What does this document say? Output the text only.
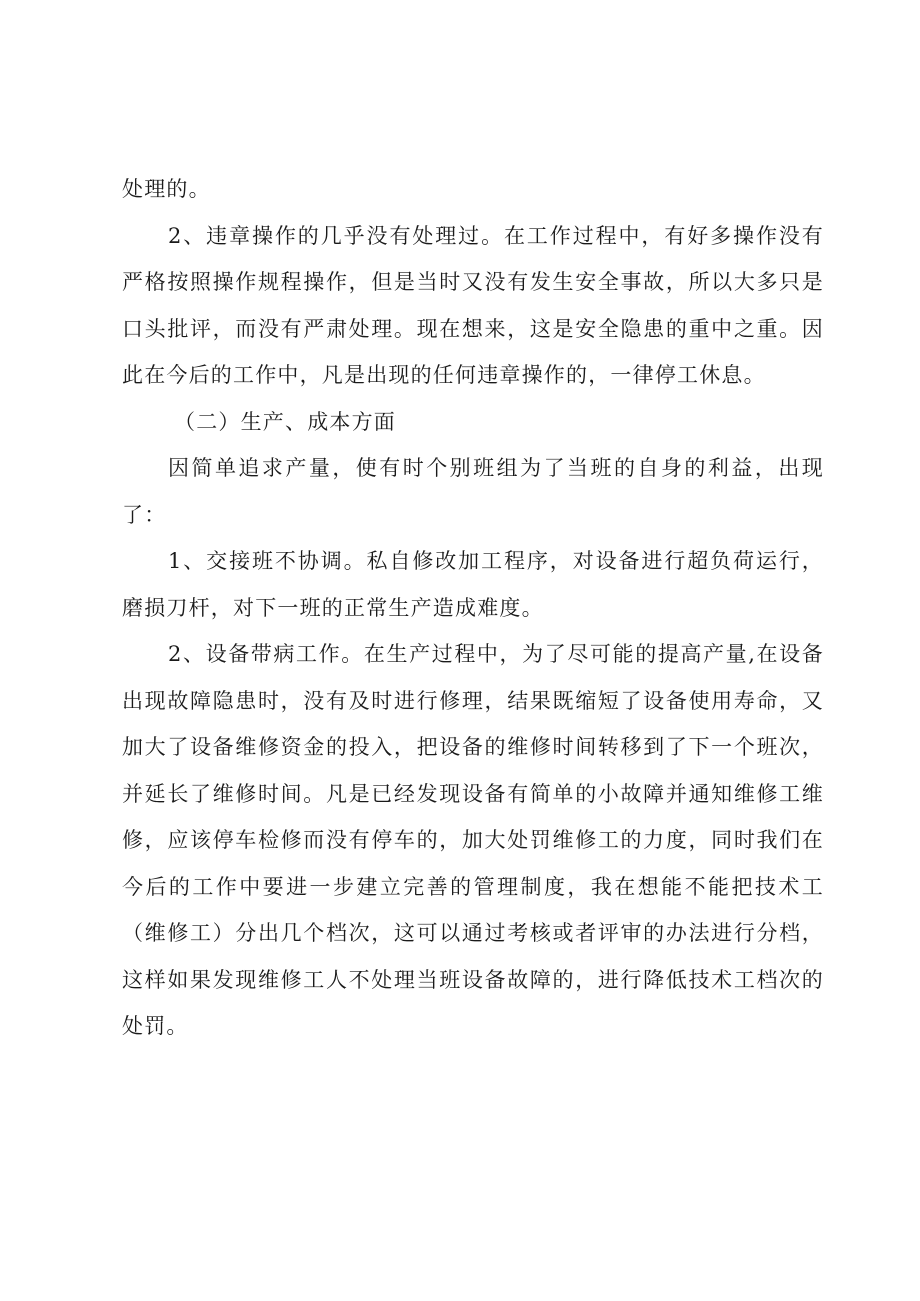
处理的。

2、违章操作的几乎没有处理过。在工作过程中，有好多操作没有严格按照操作规程操作，但是当时又没有发生安全事故，所以大多只是口头批评，而没有严肃处理。现在想来，这是安全隐患的重中之重。因此在今后的工作中，凡是出现的任何违章操作的，一律停工休息。

（二）生产、成本方面

因简单追求产量，使有时个别班组为了当班的自身的利益，出现了：

1、交接班不协调。私自修改加工程序，对设备进行超负荷运行，磨损刀杆，对下一班的正常生产造成难度。

2、设备带病工作。在生产过程中，为了尽可能的提高产量,在设备出现故障隐患时，没有及时进行修理，结果既缩短了设备使用寿命，又加大了设备维修资金的投入，把设备的维修时间转移到了下一个班次，并延长了维修时间。凡是已经发现设备有简单的小故障并通知维修工维修，应该停车检修而没有停车的，加大处罚维修工的力度，同时我们在今后的工作中要进一步建立完善的管理制度，我在想能不能把技术工（维修工）分出几个档次，这可以通过考核或者评审的办法进行分档，这样如果发现维修工人不处理当班设备故障的，进行降低技术工档次的处罚。
